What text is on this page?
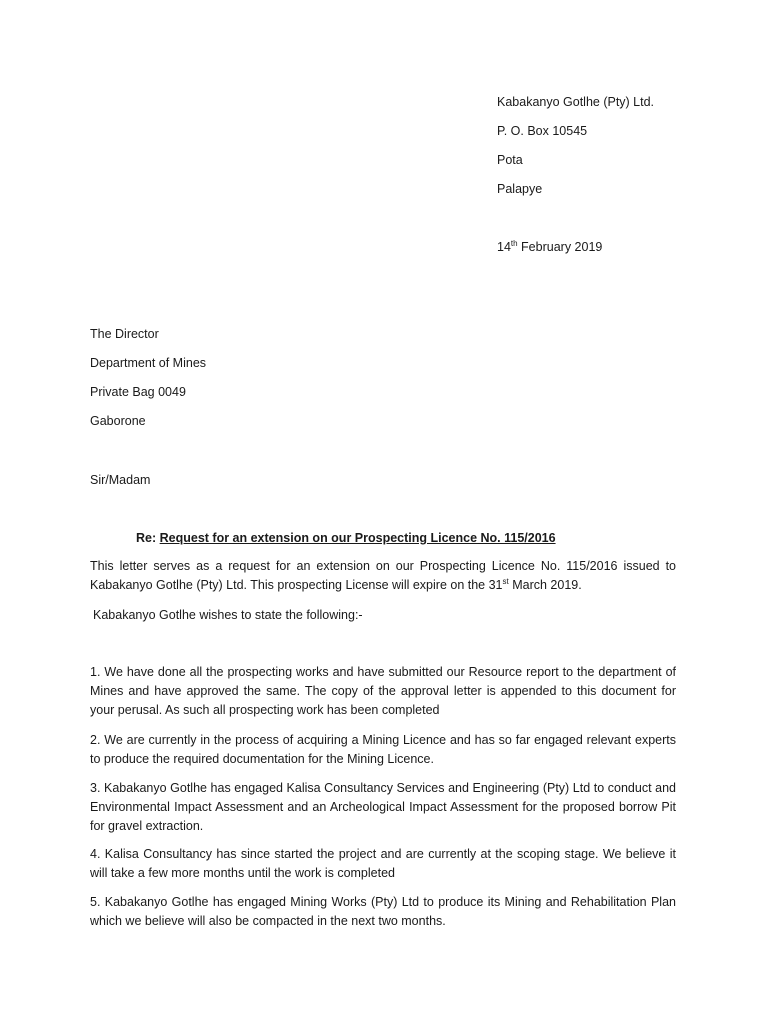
Kabakanyo Gotlhe (Pty) Ltd.
P. O. Box 10545
Pota
Palapye
14th February 2019
The Director
Department of Mines
Private Bag 0049
Gaborone
Sir/Madam
Re: Request for an extension on our Prospecting Licence No. 115/2016

This letter serves as a request for an extension on our Prospecting Licence No. 115/2016 issued to Kabakanyo Gotlhe (Pty) Ltd. This prospecting License will expire on the 31st March 2019.

Kabakanyo Gotlhe wishes to state the following:-

1. We have done all the prospecting works and have submitted our Resource report to the department of Mines and have approved the same. The copy of the approval letter is appended to this document for your perusal. As such all prospecting work has been completed

2. We are currently in the process of acquiring a Mining Licence and has so far engaged relevant experts to produce the required documentation for the Mining Licence.

3. Kabakanyo Gotlhe has engaged Kalisa Consultancy Services and Engineering (Pty) Ltd to conduct and Environmental Impact Assessment and an Archeological Impact Assessment for the proposed borrow Pit for gravel extraction.

4. Kalisa Consultancy has since started the project and are currently at the scoping stage. We believe it will take a few more months until the work is completed

5. Kabakanyo Gotlhe has engaged Mining Works (Pty) Ltd to produce its Mining and Rehabilitation Plan which we believe will also be compacted in the next two months.
